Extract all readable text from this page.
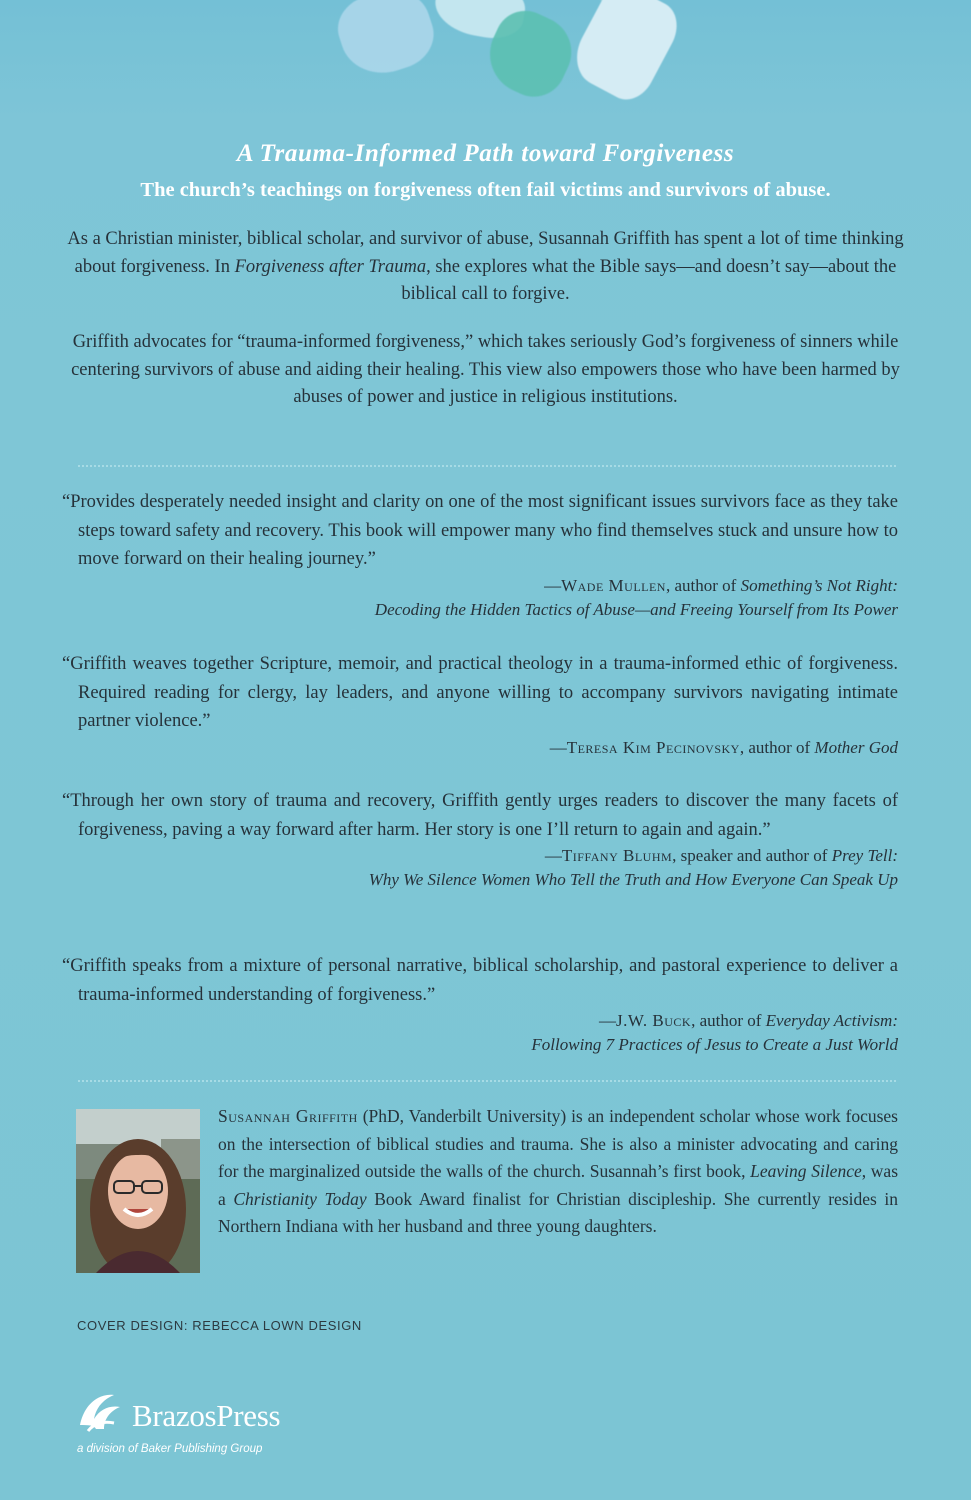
A Trauma-Informed Path toward Forgiveness
The church’s teachings on forgiveness often fail victims and survivors of abuse.
As a Christian minister, biblical scholar, and survivor of abuse, Susannah Griffith has spent a lot of time thinking about forgiveness. In Forgiveness after Trauma, she explores what the Bible says—and doesn’t say—about the biblical call to forgive.
Griffith advocates for “trauma-informed forgiveness,” which takes seriously God’s forgiveness of sinners while centering survivors of abuse and aiding their healing. This view also empowers those who have been harmed by abuses of power and justice in religious institutions.
“Provides desperately needed insight and clarity on one of the most significant issues survivors face as they take steps toward safety and recovery. This book will empower many who find themselves stuck and unsure how to move forward on their healing journey.”
—Wade Mullen, author of Something’s Not Right:
Decoding the Hidden Tactics of Abuse—and Freeing Yourself from Its Power
“Griffith weaves together Scripture, memoir, and practical theology in a trauma-informed ethic of forgiveness. Required reading for clergy, lay leaders, and anyone willing to accompany survivors navigating intimate partner violence.”
—Teresa Kim Pecinovsky, author of Mother God
“Through her own story of trauma and recovery, Griffith gently urges readers to discover the many facets of forgiveness, paving a way forward after harm. Her story is one I’ll return to again and again.”
—Tiffany Bluhm, speaker and author of Prey Tell:
Why We Silence Women Who Tell the Truth and How Everyone Can Speak Up
“Griffith speaks from a mixture of personal narrative, biblical scholarship, and pastoral experience to deliver a trauma-informed understanding of forgiveness.”
—J.W. Buck, author of Everyday Activism:
Following 7 Practices of Jesus to Create a Just World
Susannah Griffith (PhD, Vanderbilt University) is an independent scholar whose work focuses on the intersection of biblical studies and trauma. She is also a minister advocating and caring for the marginalized outside the walls of the church. Susannah’s first book, Leaving Silence, was a Christianity Today Book Award finalist for Christian discipleship. She currently resides in Northern Indiana with her husband and three young daughters.
COVER DESIGN: REBECCA LOWN DESIGN
BrazosPress
a division of Baker Publishing Group
